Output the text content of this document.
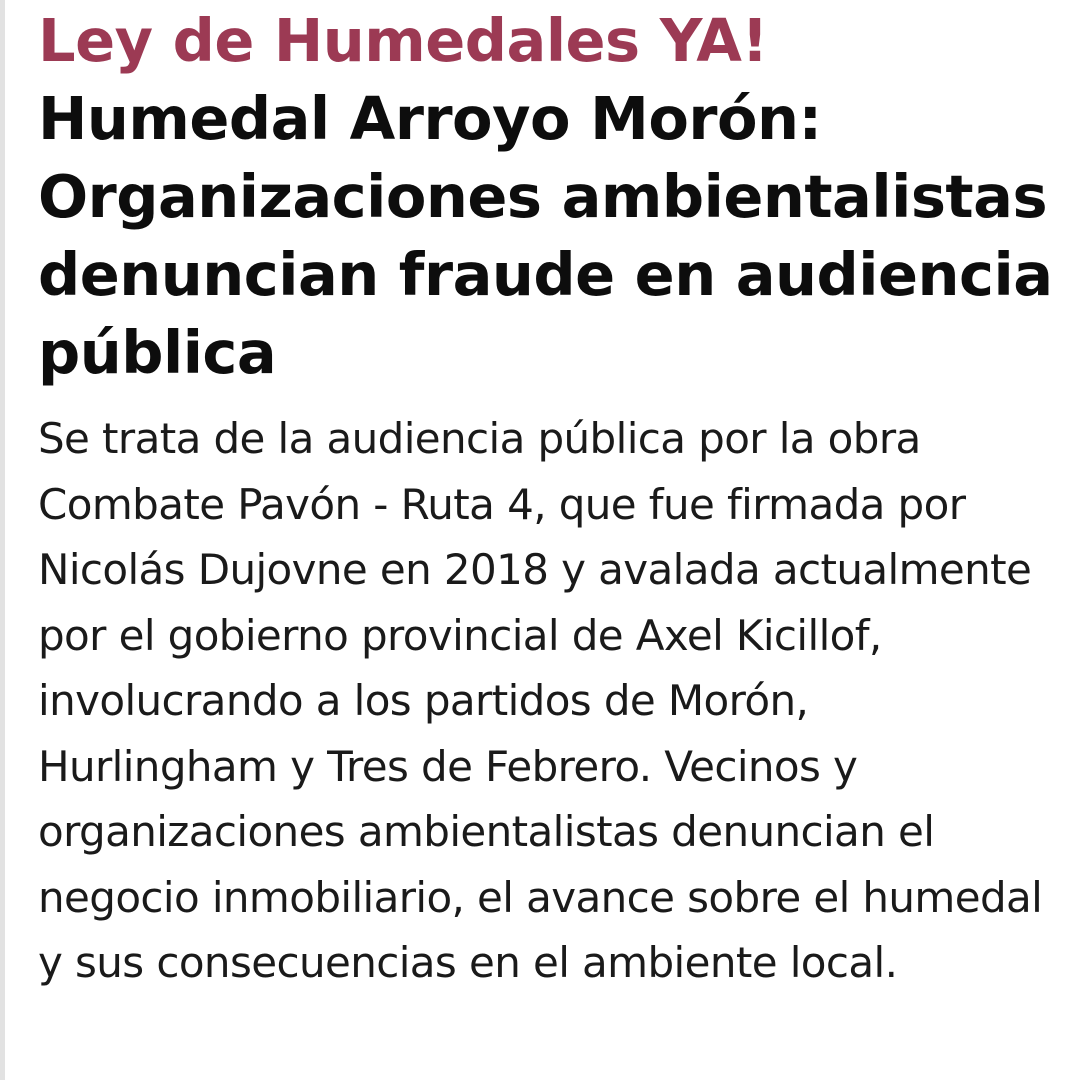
Ley de Humedales YA!  Humedal Arroyo Morón: Organizaciones ambientalistas denuncian fraude en audiencia pública

Se trata de la audiencia pública por la obra Combate Pavón - Ruta 4, que fue firmada por Nicolás Dujovne en 2018 y avalada actualmente por el gobierno provincial de Axel Kicillof, involucrando a los partidos de Morón, Hurlingham y Tres de Febrero. Vecinos y organizaciones ambientalistas denuncian el negocio inmobiliario, el avance sobre el humedal y sus consecuencias en el ambiente local.
